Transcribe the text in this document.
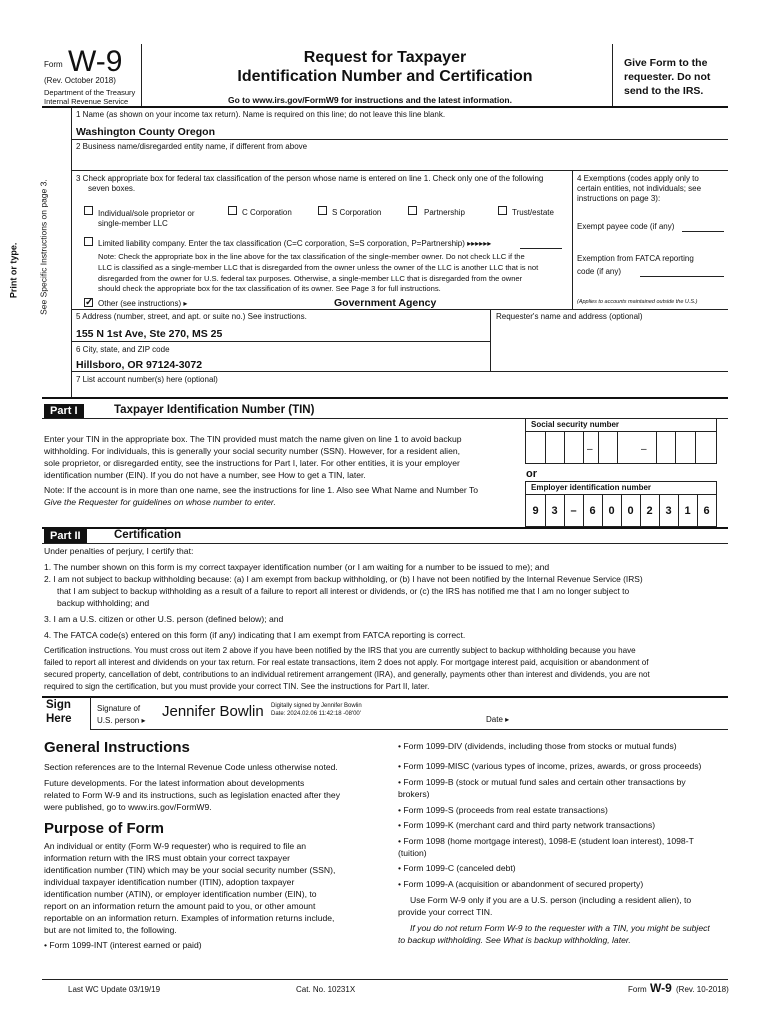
Form W-9
(Rev. October 2018)
Department of the Treasury
Internal Revenue Service
Request for Taxpayer
Identification Number and Certification
Go to www.irs.gov/FormW9 for instructions and the latest information.
Give Form to the
requester. Do not
send to the IRS.
Print or type. See Specific Instructions on page 3.
1 Name (as shown on your income tax return). Name is required on this line; do not leave this line blank.
Washington County Oregon
2 Business name/disregarded entity name, if different from above
3 Check appropriate box for federal tax classification of the person whose name is entered on line 1. Check only one of the following
seven boxes.
Individual/sole proprietor or
single-member LLC
C Corporation	S Corporation	Partnership	Trust/estate
Limited liability company. Enter the tax classification (C=C corporation, S=S corporation, P=Partnership) ▸▸▸▸▸▸
Note: Check the appropriate box in the line above for the tax classification of the single-member owner. Do not check LLC if the
LLC is classified as a single-member LLC that is disregarded from the owner unless the owner of the LLC is another LLC that is not
disregarded from the owner for U.S. federal tax purposes. Otherwise, a single-member LLC that is disregarded from the owner
should check the appropriate box for the tax classification of its owner. See Page 3 for full instructions.
✓ Other (see instructions) ▸	Government Agency
4 Exemptions (codes apply only to
certain entities, not individuals; see
instructions on page 3):
Exempt payee code (if any)
Exemption from FATCA reporting
code (if any)
(Applies to accounts maintained outside the U.S.)
5 Address (number, street, and apt. or suite no.) See instructions.	Requester's name and address (optional)
155 N 1st Ave, Ste 270, MS 25
6 City, state, and ZIP code
Hillsboro, OR 97124-3072
7 List account number(s) here (optional)
Part I	Taxpayer Identification Number (TIN)
Enter your TIN in the appropriate box. The TIN provided must match the name given on line 1 to avoid backup
withholding. For individuals, this is generally your social security number (SSN). However, for a resident alien,
sole proprietor, or disregarded entity, see the instructions for Part I, later. For other entities, it is your employer
identification number (EIN). If you do not have a number, see How to get a TIN, later.
Note: If the account is in more than one name, see the instructions for line 1. Also see What Name and Number To
Give the Requester for guidelines on whose number to enter.
Social security number
–	–
or
Employer identification number
9	3	–	6	0	0	2	3	1	6
Part II	Certification
Under penalties of perjury, I certify that:
1. The number shown on this form is my correct taxpayer identification number (or I am waiting for a number to be issued to me); and
2. I am not subject to backup withholding because: (a) I am exempt from backup withholding, or (b) I have not been notified by the Internal Revenue Service (IRS)
that I am subject to backup withholding as a result of a failure to report all interest or dividends, or (c) the IRS has notified me that I am no longer subject to
backup withholding; and
3. I am a U.S. citizen or other U.S. person (defined below); and
4. The FATCA code(s) entered on this form (if any) indicating that I am exempt from FATCA reporting is correct.
Certification instructions. You must cross out item 2 above if you have been notified by the IRS that you are currently subject to backup withholding because you have
failed to report all interest and dividends on your tax return. For real estate transactions, item 2 does not apply. For mortgage interest paid, acquisition or abandonment of
secured property, cancellation of debt, contributions to an individual retirement arrangement (IRA), and generally, payments other than interest and dividends, you are not
required to sign the certification, but you must provide your correct TIN. See the instructions for Part II, later.
Sign
Here
Signature of
U.S. person ▸
Jennifer Bowlin Digitally signed by Jennifer Bowlin
Date: 2024.02.06 11:42:18 -08'00'
Date ▸
General Instructions
Section references are to the Internal Revenue Code unless otherwise noted.
Future developments. For the latest information about developments
related to Form W-9 and its instructions, such as legislation enacted after they
were published, go to www.irs.gov/FormW9.
Purpose of Form
An individual or entity (Form W-9 requester) who is required to file an
information return with the IRS must obtain your correct taxpayer
identification number (TIN) which may be your social security number (SSN),
individual taxpayer identification number (ITIN), adoption taxpayer
identification number (ATIN), or employer identification number (EIN), to
report on an information return the amount paid to you, or other amount
reportable on an information return. Examples of information returns include,
but are not limited to, the following.
• Form 1099-INT (interest earned or paid)
• Form 1099-DIV (dividends, including those from stocks or mutual funds)
• Form 1099-MISC (various types of income, prizes, awards, or gross proceeds)
• Form 1099-B (stock or mutual fund sales and certain other transactions by
brokers)
• Form 1099-S (proceeds from real estate transactions)
• Form 1099-K (merchant card and third party network transactions)
• Form 1098 (home mortgage interest), 1098-E (student loan interest), 1098-T
(tuition)
• Form 1099-C (canceled debt)
• Form 1099-A (acquisition or abandonment of secured property)
Use Form W-9 only if you are a U.S. person (including a resident alien), to
provide your correct TIN.
If you do not return Form W-9 to the requester with a TIN, you might be subject
to backup withholding. See What is backup withholding, later.
Last WC Update 03/19/19	Cat. No. 10231X	Form W-9 (Rev. 10-2018)
